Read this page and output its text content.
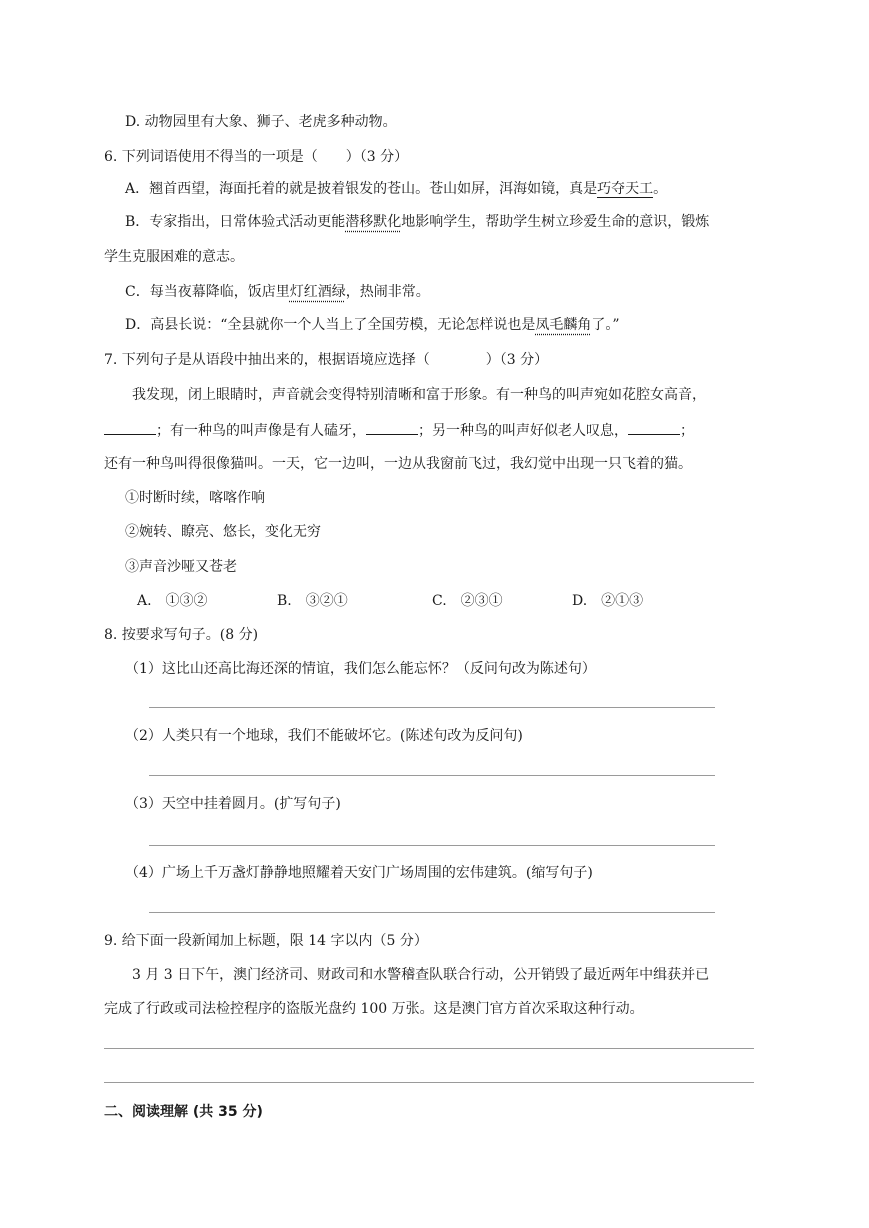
D. 动物园里有大象、狮子、老虎多种动物。
6. 下列词语使用不得当的一项是（　　）（3 分）
A．翘首西望，海面托着的就是披着银发的苍山。苍山如屏，洱海如镜，真是巧夺天工。
B．专家指出，日常体验式活动更能潜移默化地影响学生，帮助学生树立珍爱生命的意识，锻炼
学生克服困难的意志。
C．每当夜幕降临，饭店里灯红酒绿，热闹非常。
D．高县长说：“全县就你一个人当上了全国劳模，无论怎样说也是凤毛麟角了。”
7. 下列句子是从语段中抽出来的，根据语境应选择（　　　　）（3 分）
我发现，闭上眼睛时，声音就会变得特别清晰和富于形象。有一种鸟的叫声宛如花腔女高音，
；有一种鸟的叫声像是有人磕牙，	；另一种鸟的叫声好似老人叹息，	；
还有一种鸟叫得很像猫叫。一天，它一边叫，一边从我窗前飞过，我幻觉中出现一只飞着的猫。
①时断时续，喀喀作响
②婉转、瞭亮、悠长，变化无穷
③声音沙哑又苍老
A.　①③②	B.　③②①	C.　②③①	D.　②①③
8. 按要求写句子。(8 分)
（1）这比山还高比海还深的情谊，我们怎么能忘怀？（反问句改为陈述句）
（2）人类只有一个地球，我们不能破坏它。(陈述句改为反问句)
（3）天空中挂着圆月。(扩写句子)
（4）广场上千万盏灯静静地照耀着天安门广场周围的宏伟建筑。(缩写句子)
9. 给下面一段新闻加上标题，限 14 字以内（5 分）
3 月 3 日下午，澳门经济司、财政司和水警稽查队联合行动，公开销毁了最近两年中缉获并已
完成了行政或司法检控程序的盗版光盘约 100 万张。这是澳门官方首次采取这种行动。
二、阅读理解 (共 35 分)
